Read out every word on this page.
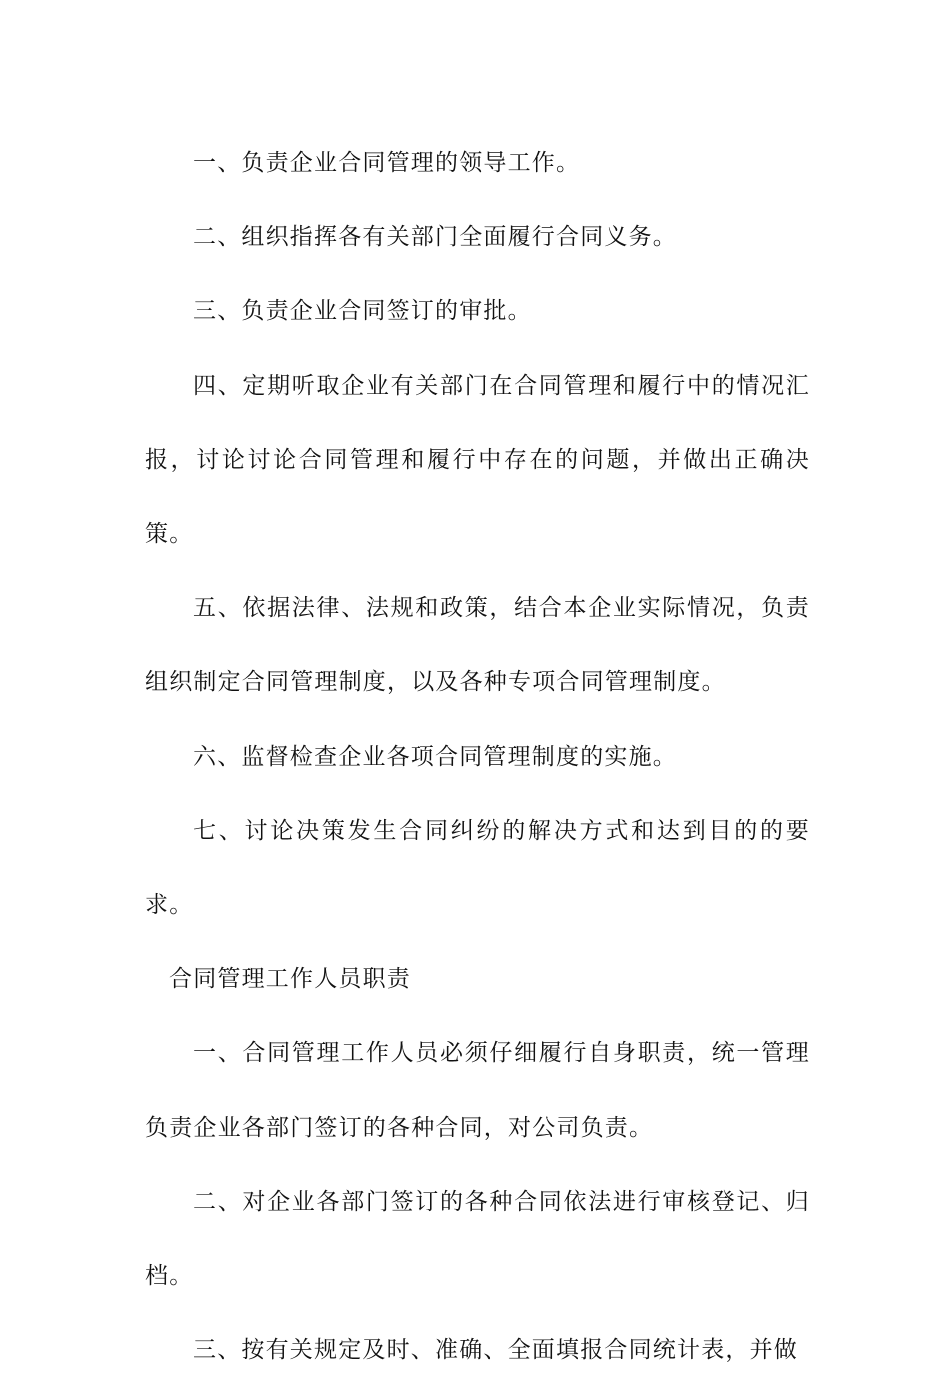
一、负责企业合同管理的领导工作。

二、组织指挥各有关部门全面履行合同义务。

三、负责企业合同签订的审批。

四、定期听取企业有关部门在合同管理和履行中的情况汇报，讨论讨论合同管理和履行中存在的问题，并做出正确决策。

五、依据法律、法规和政策，结合本企业实际情况，负责组织制定合同管理制度，以及各种专项合同管理制度。

六、监督检查企业各项合同管理制度的实施。

七、讨论决策发生合同纠纷的解决方式和达到目的的要求。

合同管理工作人员职责

一、合同管理工作人员必须仔细履行自身职责，统一管理负责企业各部门签订的各种合同，对公司负责。

二、对企业各部门签订的各种合同依法进行审核登记、归档。

三、按有关规定及时、准确、全面填报合同统计表，并做
